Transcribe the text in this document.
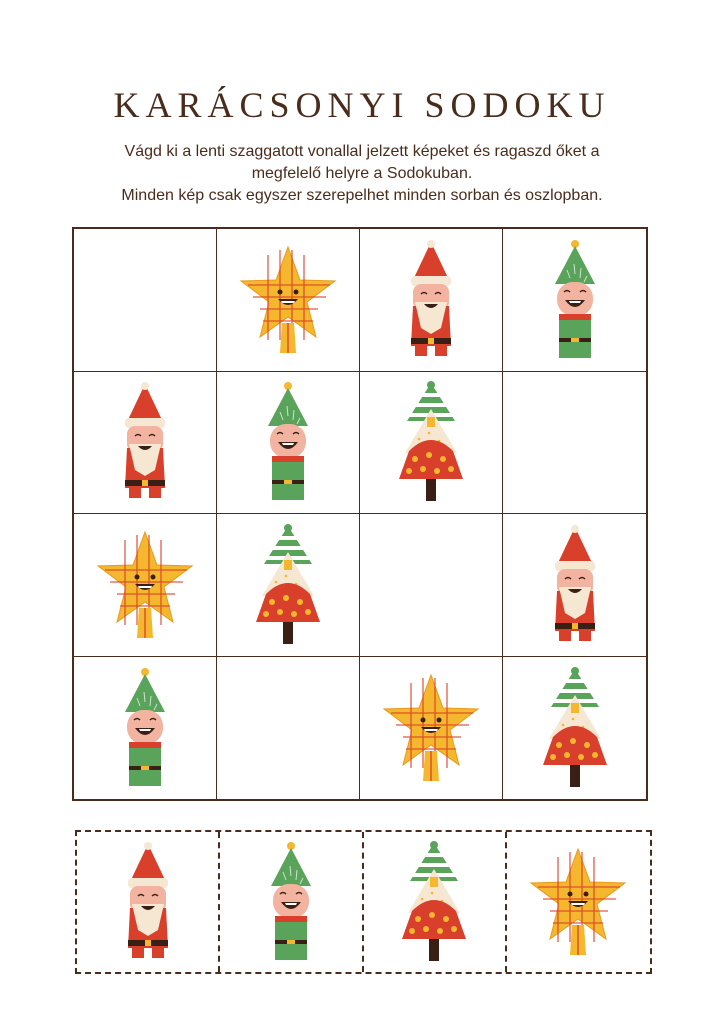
KARÁCSONYI SODOKU
Vágd ki a lenti szaggatott vonallal jelzett képeket és ragaszd őket a
megfelelő helyre a Sodokuban.
Minden kép csak egyszer szerepelhet minden sorban és oszlopban.
